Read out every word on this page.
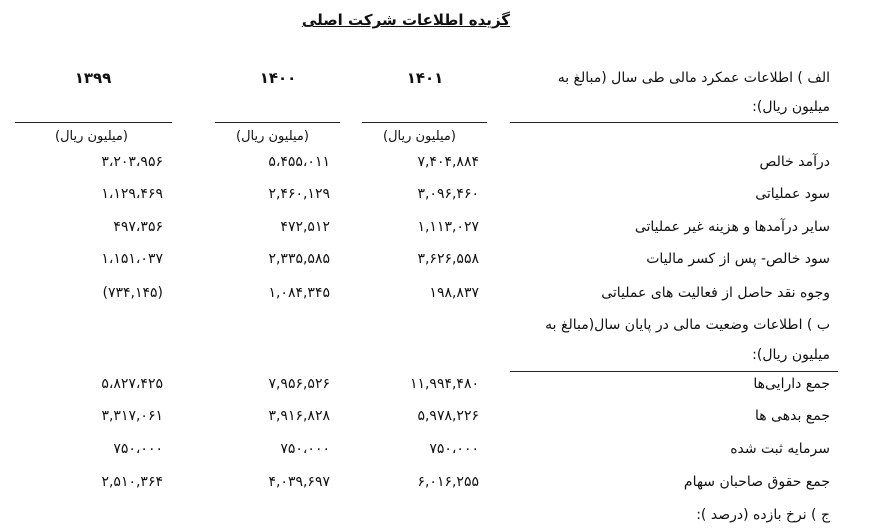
گزیده اطلاعات شرکت اصلی
۱۴۰۱
۱۴۰۰
۱۳۹۹	الف ) اطلاعات عمکرد مالی طی سال (مبالغ به
میلیون ریال):
(میلیون ریال)
(میلیون ریال)
(میلیون ریال)
درآمد خالص
۷,۴۰۴,۸۸۴
۵،۴۵۵،۰۱۱
۳،۲۰۳،۹۵۶
سود عملیاتی
۳,۰۹۶,۴۶۰
۲,۴۶۰,۱۲۹
۱،۱۲۹،۴۶۹
سایر درآمدها و هزینه غیر عملیاتی
۱,۱۱۳,۰۲۷
۴۷۲,۵۱۲
۴۹۷،۳۵۶
سود خالص- پس از کسر مالیات
۳,۶۲۶,۵۵۸
۲,۳۳۵,۵۸۵
۱،۱۵۱،۰۳۷
وجوه نقد حاصل از فعالیت های عملیاتی
۱۹۸,۸۳۷
۱,۰۸۴,۳۴۵
(۷۳۴,۱۴۵)
ب ) اطلاعات وضعیت مالی در پایان سال(مبالغ به
میلیون ریال):
جمع دارایی‌ها
۱۱,۹۹۴,۴۸۰
۷,۹۵۶,۵۲۶
۵،۸۲۷،۴۲۵
جمع بدهی ها
۵,۹۷۸,۲۲۶
۳,۹۱۶,۸۲۸
۳,۳۱۷,۰۶۱
سرمایه ثبت شده
۷۵۰،۰۰۰
۷۵۰،۰۰۰
۷۵۰،۰۰۰
جمع حقوق صاحبان سهام
۶,۰۱۶,۲۵۵
۴,۰۳۹,۶۹۷
۲,۵۱۰,۳۶۴
ج ) نرخ بازده (درصد ):
